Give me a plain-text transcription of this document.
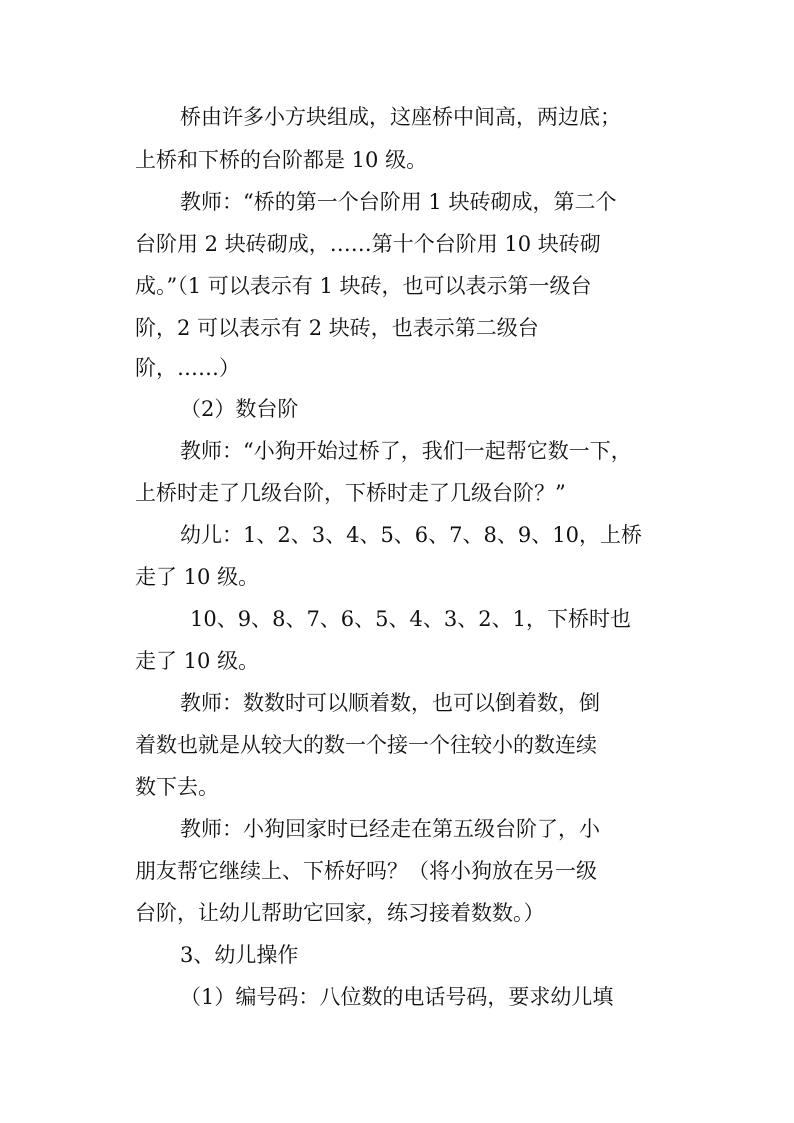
桥由许多小方块组成，这座桥中间高，两边底；
上桥和下桥的台阶都是 10 级。
教师：“桥的第一个台阶用 1 块砖砌成，第二个
台阶用 2 块砖砌成，……第十个台阶用 10 块砖砌
成。”（1 可以表示有 1 块砖，也可以表示第一级台
阶，2 可以表示有 2 块砖，也表示第二级台
阶，……）
（2）数台阶
教师：“小狗开始过桥了，我们一起帮它数一下，
上桥时走了几级台阶，下桥时走了几级台阶？”
幼儿：1、2、3、4、5、6、7、8、9、10，上桥
走了 10 级。
10、9、8、7、6、5、4、3、2、1，下桥时也
走了 10 级。
教师：数数时可以顺着数，也可以倒着数，倒
着数也就是从较大的数一个接一个往较小的数连续
数下去。
教师：小狗回家时已经走在第五级台阶了，小
朋友帮它继续上、下桥好吗？（将小狗放在另一级
台阶，让幼儿帮助它回家，练习接着数数。）
3、幼儿操作
（1）编号码：八位数的电话号码，要求幼儿填
